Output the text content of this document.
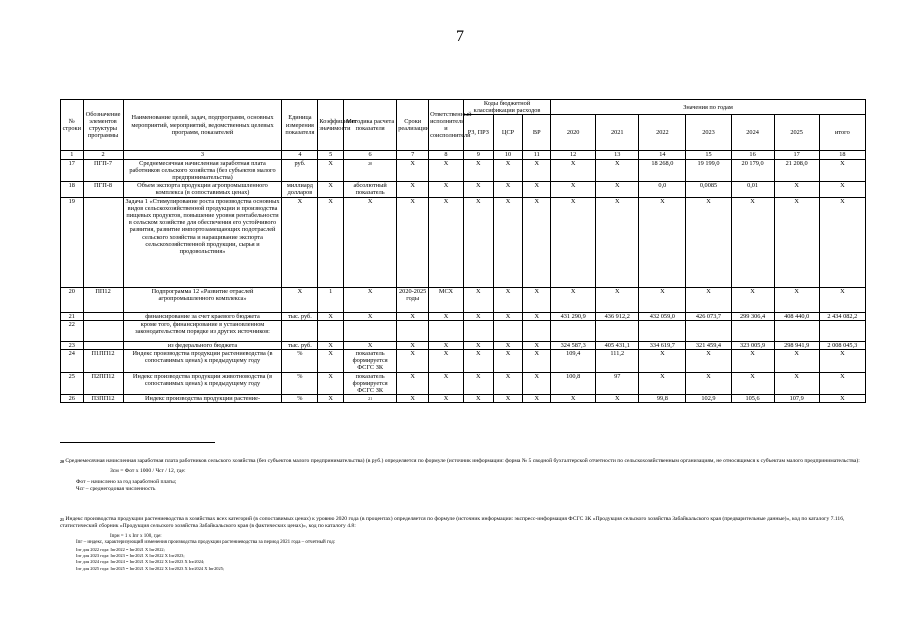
7
№ строки	Обозначение элементов структуры программы	Наименование целей, задач, подпрограмм, основных мероприятий, мероприятий, ведомственных целевых программ, показателей	Единица измерения показателя	Коэффициент значимости	Методика расчета показателя	Сроки реализации	Ответственный исполнитель и соисполнители	Коды бюджетной классификации расходов			Значения по годам						
								РЗ, ПРЗ	ЦСР	ВР	2020	2021	2022	2023	2024	2025	итого
1	2	3	4	5	6	7	8	9	10	11	12	13	14	15	16	17	18
17	ПГП-7	Среднемесячная начисленная заработная плата работников сельского хозяйства (без субъектов малого предпринимательства)	руб.	Х	20	Х	Х	Х	Х	Х	Х	Х	18 268,0	19 199,0	20 179,0	21 208,0	Х
18	ПГП-8	Объем экспорта продукции агропромышленного комплекса (в сопоставимых ценах)	миллиард долларов	Х	абсолютный показатель	Х	Х	Х	Х	Х	Х	Х	0,0	0,0085	0,01	Х	Х
19		Задача 1 «Стимулирование роста производства основных видов сельскохозяйственной продукции и производства пищевых продуктов, повышение уровня рентабельности в сельском хозяйстве для обеспечения его устойчивого развития, развитие импортозамещающих подотраслей сельского хозяйства и наращивание экспорта сельскохозяйственной продукции, сырья и продовольствия»	Х	Х	Х	Х	Х	Х	Х	Х	Х	Х	Х	Х	Х	Х	Х
20	ПП12	Подпрограмма 12 «Развитие отраслей агропромышленного комплекса»	Х	1	Х	2020-2025 годы	МСХ	Х	Х	Х	Х	Х	Х	Х	Х	Х	Х
21		финансирование за счет краевого бюджета	тыс. руб.	Х	Х	Х	Х	Х	Х	Х	431 290,9	436 912,2	432 059,0	426 073,7	299 306,4	408 440,0	2 434 082,2
22		кроме того, финансирование в установленном законодательством порядке из других источников:															
23		из федерального бюджета	тыс. руб.	Х	Х	Х	Х	Х	Х	Х	324 587,3	405 431,1	334 619,7	321 459,4	323 005,9	298 941,9	2 008 045,3
24	П1ПП12	Индекс производства продукции растениеводства (в сопоставимых ценах) к предыдущему году	%	Х	показатель формируется ФСГС ЗК	Х	Х	Х	Х	Х	109,4	111,2	Х	Х	Х	Х	Х
25	П2ПП12	Индекс производства продукции животноводства (в сопоставимых ценах) к предыдущему году	%	Х	показатель формируется ФСГС ЗК	Х	Х	Х	Х	Х	100,8	97	Х	Х	Х	Х	Х
26	П3ПП12	Индекс производства продукции растение-	%	Х	21	Х	Х	Х	Х	Х	Х	Х	99,8	102,9	105,6	107,9	Х
$^{20}$ Среднемесячная начисленная заработная плата работников сельского хозяйства (без субъектов малого предпринимательства) (в руб.) определяется по формуле (источник информации: форма № 5 сводной бухгалтерской отчетности по сельскохозяйственным организациям, не относящимся к субъектам малого предпринимательства):
Зсм = Фот х 1000 / Чсг / 12, где:
Фот – начислено за год заработной платы;
Чсг – среднегодовая численность
$^{21}$ Индекс производства продукции растениеводства в хозяйствах всех категорий (в сопоставимых ценах) к уровню 2020 года (в процентах) определяется по формуле (источник информации: экспресс-информация ФСГС ЗК «Продукция сельского хозяйства Забайкальского края (предварительные данные)», код по каталогу 7.116, статистический сборник «Продукция сельского хозяйства Забайкальского края (в фактических ценах)», код по каталогу 4.8:
Iпрн = 1 х Iпг х 100, где:
Iпг – индекс, характеризующий изменения производства продукции растениеводства за период 2021 года – отчетный год:
Iпг для 2022 года: Iпг2022 = Iпг2021 Х Iпг2022;
Iпг для 2023 года: Iпг2023 = Iпг2021 Х Iпг2022 Х Iпг2023;
Iпг для 2024 года: Iпг2024 = Iпг2021 Х Iпг2022 Х Iпг2023 Х Iпг2024;
Iпг для 2025 года: Iпг2025 = Iпг2021 Х Iпг2022 Х Iпг2023 Х Iпг2024 Х Iпг2025;
